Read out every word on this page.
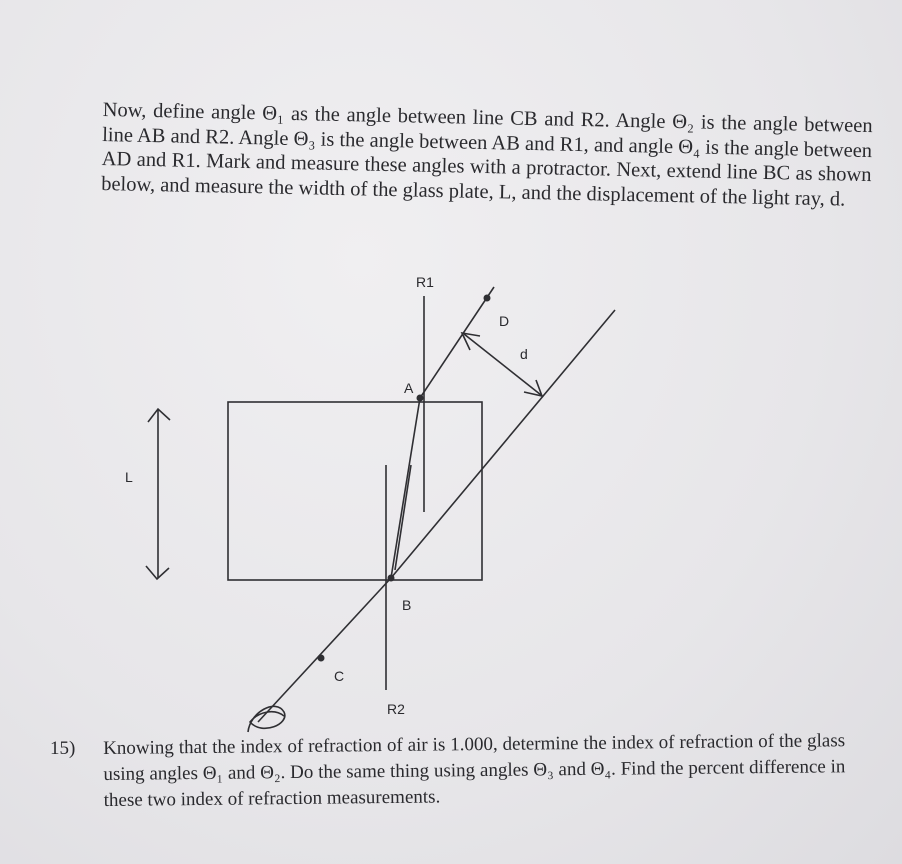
Now, define angle Θ₁ as the angle between line CB and R2. Angle Θ₂ is the angle between line AB and R2. Angle Θ₃ is the angle between AB and R1, and angle Θ₄ is the angle between AD and R1. Mark and measure these angles with a protractor. Next, extend line BC as shown below, and measure the width of the glass plate, L, and the displacement of the light ray, d.

R1
A
B
C
R2
D
d
L

15) Knowing that the index of refraction of air is 1.000, determine the index of refraction of the glass using angles Θ₁ and Θ₂. Do the same thing using angles Θ₃ and Θ₄. Find the percent difference in these two index of refraction measurements.
